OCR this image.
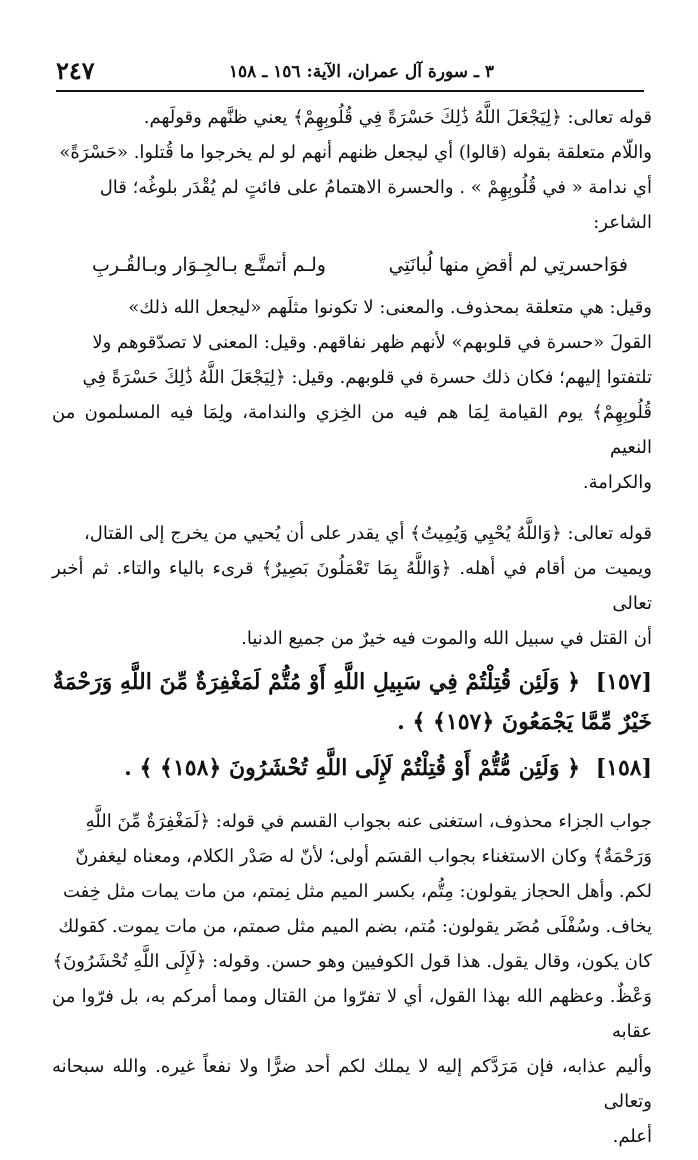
٣ ـ سورة آل عمران، الآية: ١٥٦ ـ ١٥٨
٢٤٧

قوله تعالى: ﴿لِيَجْعَلَ اللَّهُ ذَٰلِكَ حَسْرَةً فِي قُلُوبِهِمْ﴾ يعني ظنَّهم وقولَهم.

واللّام متعلقة بقوله (قالوا) أي ليجعل ظنهم أنهم لو لم يخرجوا ما قُتلوا. «حَسْرَةً»

أي ندامة « في قُلُوبِهِمْ » . والحسرة الاهتمامُ على فائتٍ لم يُقْدَر بلوغُه؛ قال

الشاعر:

فوَاحسرتِي لم أقضِ منها لُبانَتِي
ولـم أتمتَّـع بـالجِـوَار وبـالقُـربِ

وقيل: هي متعلقة بمحذوف. والمعنى: لا تكونوا مثلَهم «ليجعل الله ذلك»

القولَ «حسرة في قلوبهم» لأنهم ظهر نفاقهم. وقيل: المعنى لا تصدّقوهم ولا

تلتفتوا إليهم؛ فكان ذلك حسرة في قلوبهم. وقيل: ﴿لِيَجْعَلَ اللَّهُ ذَٰلِكَ حَسْرَةً فِي

قُلُوبِهِمْ﴾ يوم القيامة لِمَا هم فيه من الخِزي والندامة، ولِمَا فيه المسلمون من النعيم

والكرامة.

قوله تعالى: ﴿وَاللَّهُ يُحْيِي وَيُمِيتُ﴾ أي يقدر على أن يُحيي من يخرج إلى القتال،

ويميت من أقام في أهله. ﴿وَاللَّهُ بِمَا تَعْمَلُونَ بَصِيرٌ﴾ قرىء بالياء والتاء. ثم أخبر تعالى

أن القتل في سبيل الله والموت فيه خيرٌ من جميع الدنيا.

[١٥٧] ﴿ وَلَئِن قُتِلْتُمْ فِي سَبِيلِ اللَّهِ أَوْ مُتُّمْ لَمَغْفِرَةٌ مِّنَ اللَّهِ وَرَحْمَةٌ خَيْرٌ مِّمَّا يَجْمَعُونَ ﴿١٥٧﴾ ﴾ .
[١٥٨] ﴿ وَلَئِن مُّتُّمْ أَوْ قُتِلْتُمْ لَإِلَى اللَّهِ تُحْشَرُونَ ﴿١٥٨﴾ ﴾ .

جواب الجزاء محذوف، استغنى عنه بجواب القسم في قوله: ﴿لَمَغْفِرَةٌ مِّنَ اللَّهِ

وَرَحْمَةٌ﴾ وكان الاستغناء بجواب القسَم أولى؛ لأنّ له صَدْر الكلام، ومعناه ليغفرنّ

لكم. وأهل الحجاز يقولون: مِتُّم، بكسر الميم مثل نِمتم، من مات يمات مثل خِفت

يخاف. وسُفْلَى مُضَر يقولون: مُتم، بضم الميم مثل صمتم، من مات يموت. كقولك

كان يكون، وقال يقول. هذا قول الكوفيين وهو حسن. وقوله: ﴿لَإِلَى اللَّهِ تُحْشَرُونَ﴾

وَعْظٌ. وعظهم الله بهذا القول، أي لا تفرّوا من القتال ومما أمركم به، بل فرّوا من عقابه

وأليم عذابه، فإن مَرَدَّكم إليه لا يملك لكم أحد ضرًّا ولا نفعاً غيره. والله سبحانه وتعالى

أعلم.
